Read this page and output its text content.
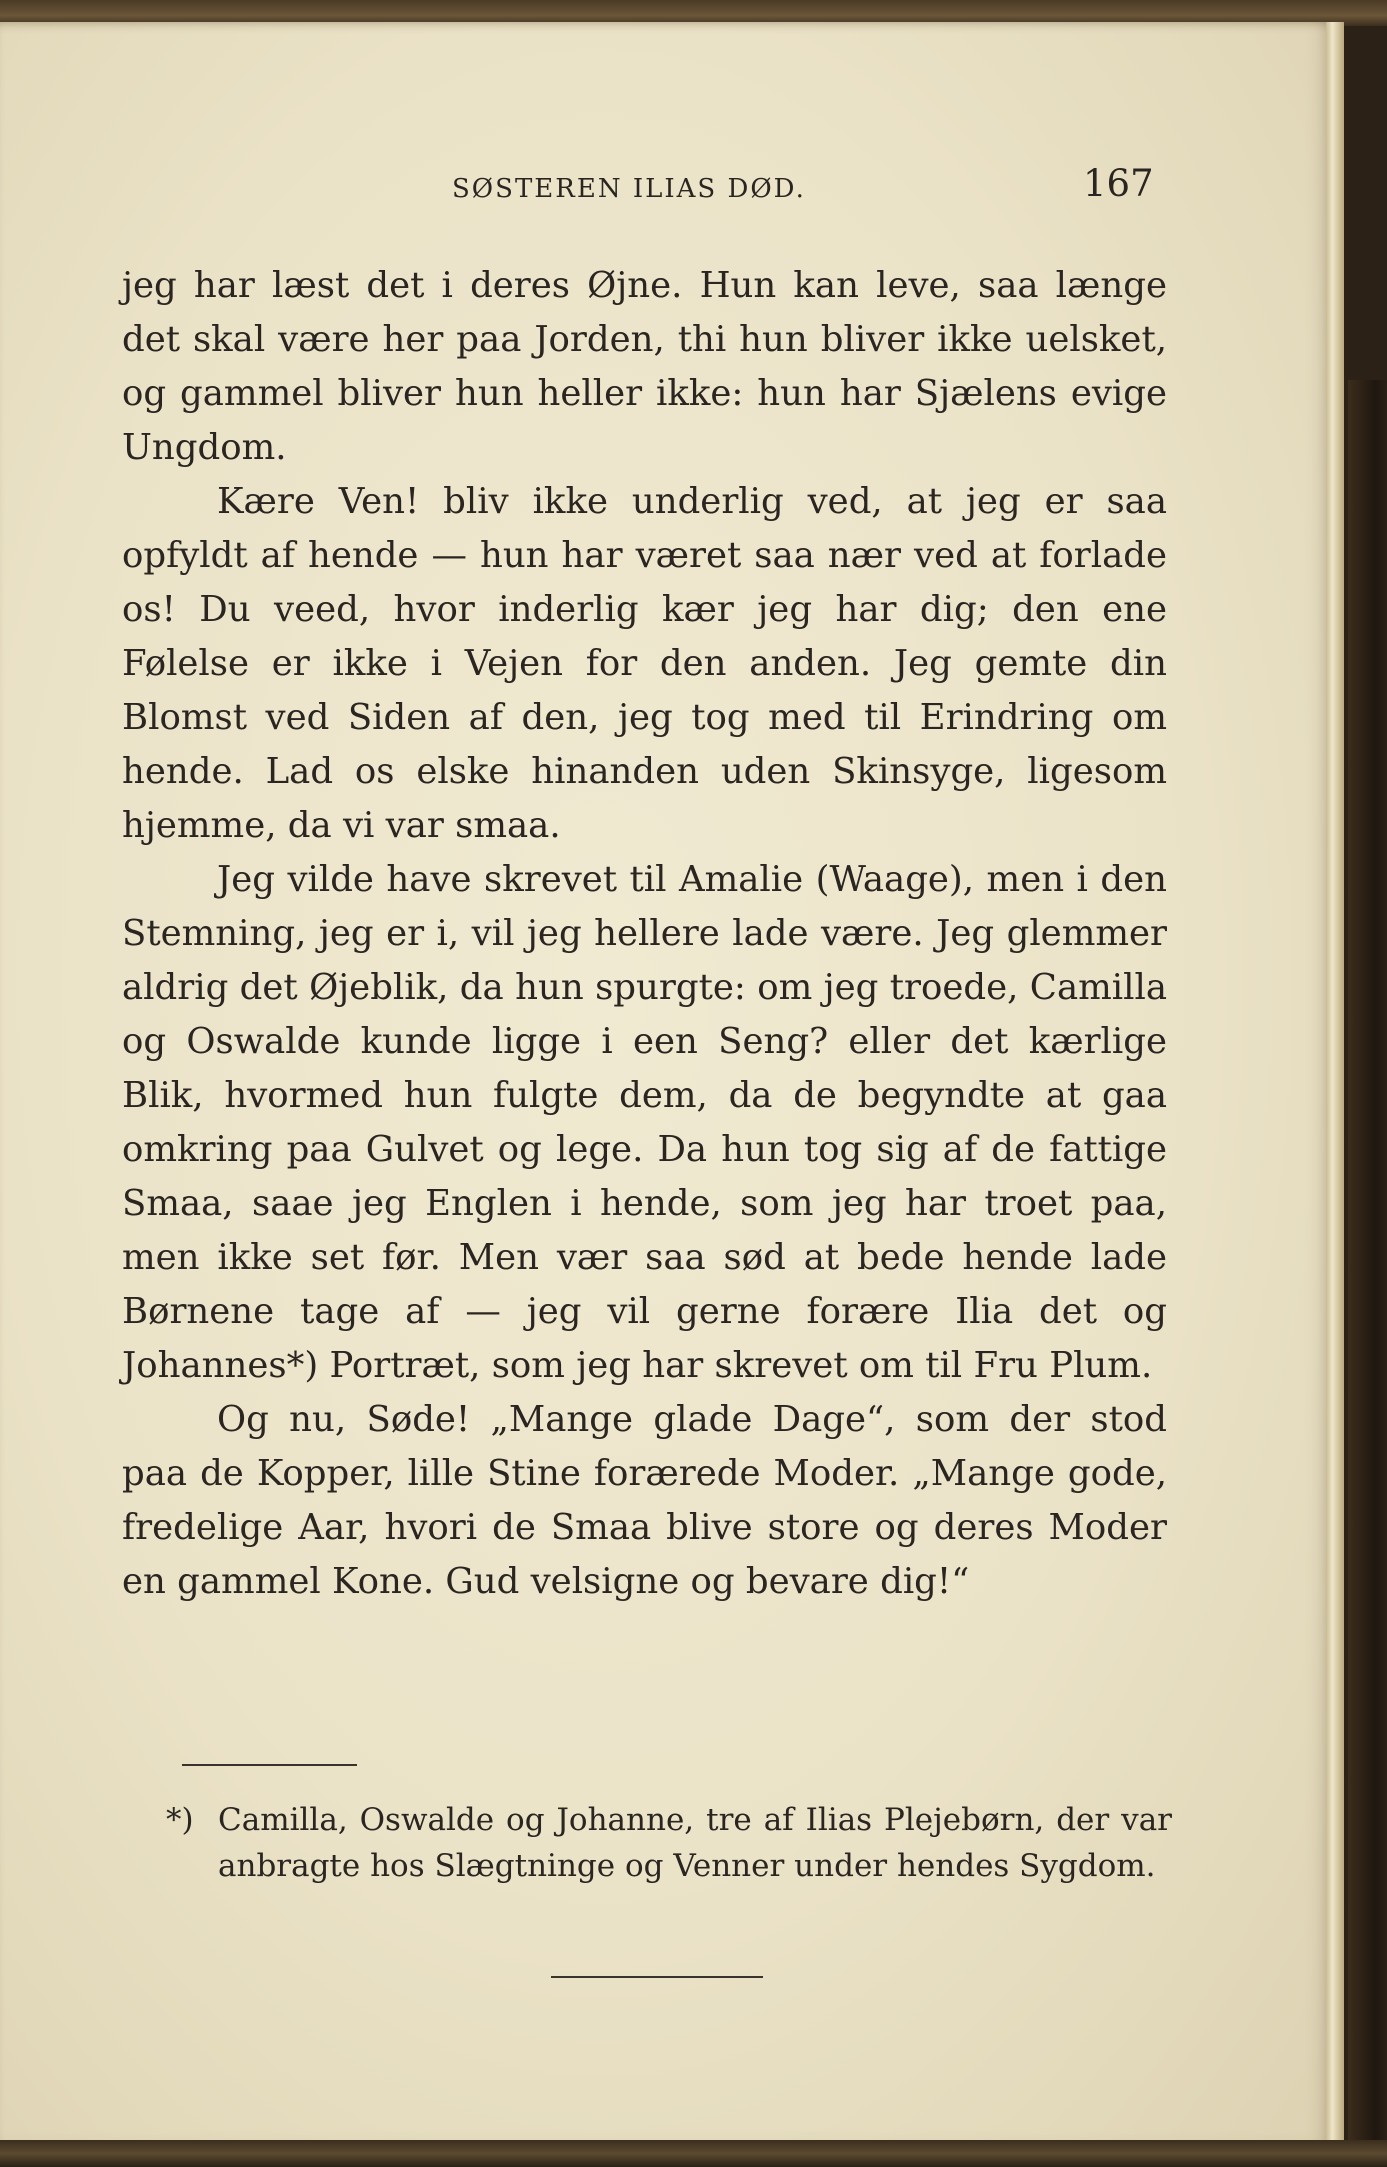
SØSTEREN ILIAS DØD.	167

jeg har læst det i deres Øjne. Hun kan leve, saa længe det skal være her paa Jorden, thi hun bliver ikke uelsket, og gammel bliver hun heller ikke: hun har Sjælens evige Ungdom.

Kære Ven! bliv ikke underlig ved, at jeg er saa opfyldt af hende — hun har været saa nær ved at forlade os! Du veed, hvor inderlig kær jeg har dig; den ene Følelse er ikke i Vejen for den anden. Jeg gemte din Blomst ved Siden af den, jeg tog med til Erindring om hende. Lad os elske hinanden uden Skinsyge, ligesom hjemme, da vi var smaa.

Jeg vilde have skrevet til Amalie (Waage), men i den Stemning, jeg er i, vil jeg hellere lade være. Jeg glemmer aldrig det Øjeblik, da hun spurgte: om jeg troede, Camilla og Oswalde kunde ligge i een Seng? eller det kærlige Blik, hvormed hun fulgte dem, da de begyndte at gaa omkring paa Gulvet og lege. Da hun tog sig af de fattige Smaa, saae jeg Englen i hende, som jeg har troet paa, men ikke set før. Men vær saa sød at bede hende lade Børnene tage af — jeg vil gerne forære Ilia det og Johannes*) Portræt, som jeg har skrevet om til Fru Plum.

Og nu, Søde! „Mange glade Dage“, som der stod paa de Kopper, lille Stine forærede Moder. „Mange gode, fredelige Aar, hvori de Smaa blive store og deres Moder en gammel Kone. Gud velsigne og bevare dig!“

*) Camilla, Oswalde og Johanne, tre af Ilias Plejebørn, der var anbragte hos Slægtninge og Venner under hendes Sygdom.
